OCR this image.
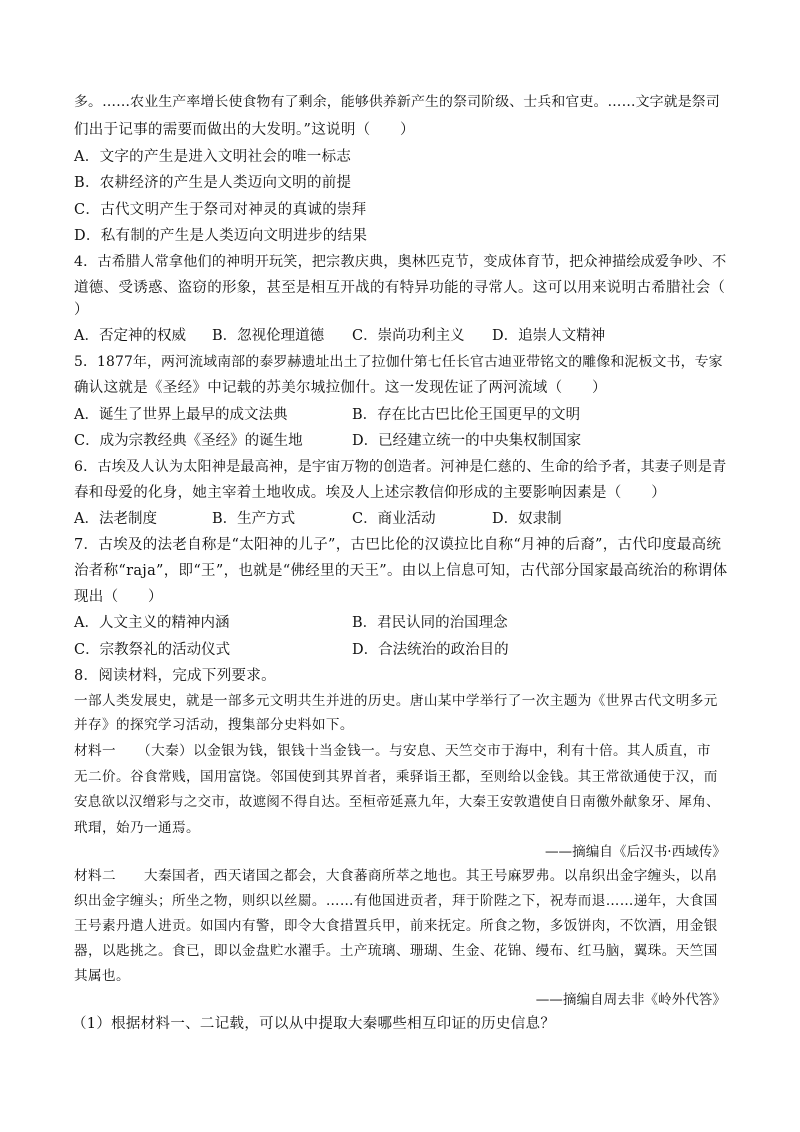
多。……农业生产率增长使食物有了剩余，能够供养新产生的祭司阶级、士兵和官吏。……文字就是祭司
们出于记事的需要而做出的大发明。”这说明（　　）
A．文字的产生是进入文明社会的唯一标志
B．农耕经济的产生是人类迈向文明的前提
C．古代文明产生于祭司对神灵的真诚的崇拜
D．私有制的产生是人类迈向文明进步的结果
4．古希腊人常拿他们的神明开玩笑，把宗教庆典，奥林匹克节，变成体育节，把众神描绘成爱争吵、不
道德、受诱惑、盗窃的形象，甚至是相互开战的有特异功能的寻常人。这可以用来说明古希腊社会（
）
A．否定神的权威 B．忽视伦理道德 C．崇尚功利主义 D．追崇人文精神
5．1877年，两河流域南部的泰罗赫遗址出土了拉伽什第七任长官古迪亚带铭文的雕像和泥板文书，专家
确认这就是《圣经》中记载的苏美尔城拉伽什。这一发现佐证了两河流域（　　）
A．诞生了世界上最早的成文法典	B．存在比古巴比伦王国更早的文明
C．成为宗教经典《圣经》的诞生地	D．已经建立统一的中央集权制国家
6．古埃及人认为太阳神是最高神，是宇宙万物的创造者。河神是仁慈的、生命的给予者，其妻子则是青
春和母爱的化身，她主宰着土地收成。埃及人上述宗教信仰形成的主要影响因素是（　　）
A．法老制度	B．生产方式	C．商业活动	D．奴隶制
7．古埃及的法老自称是“太阳神的儿子”，古巴比伦的汉谟拉比自称“月神的后裔”，古代印度最高统
治者称“raja”，即“王”，也就是“佛经里的天王”。由以上信息可知，古代部分国家最高统治的称谓体
现出（　　）
A．人文主义的精神内涵	B．君民认同的治国理念
C．宗教祭礼的活动仪式	D．合法统治的政治目的
8．阅读材料，完成下列要求。
一部人类发展史，就是一部多元文明共生并进的历史。唐山某中学举行了一次主题为《世界古代文明多元
并存》的探究学习活动，搜集部分史料如下。
材料一　　（大秦）以金银为钱，银钱十当金钱一。与安息、天竺交市于海中，利有十倍。其人质直，市
无二价。谷食常贱，国用富饶。邻国使到其界首者，乘驿诣王都，至则给以金钱。其王常欲通使于汉，而
安息欲以汉缯彩与之交市，故遮阂不得自达。至桓帝延熹九年，大秦王安敦遣使自日南徼外献象牙、犀角、
玳瑁，始乃一通焉。
——摘编自《后汉书·西域传》
材料二　　大秦国者，西天诸国之都会，大食蕃商所萃之地也。其王号麻罗弗。以帛织出金字缠头，以帛
织出金字缠头；所坐之物，则织以丝罽。……有他国进贡者，拜于阶陛之下，祝寿而退……递年，大食国
王号素丹遣人进贡。如国内有警，即令大食措置兵甲，前来抚定。所食之物，多饭饼肉，不饮酒，用金银
器，以匙挑之。食已，即以金盘贮水濯手。土产琉璃、珊瑚、生金、花锦、缦布、红马脑，翼珠。天竺国
其属也。
——摘编自周去非《岭外代答》
（1）根据材料一、二记载，可以从中提取大秦哪些相互印证的历史信息？
